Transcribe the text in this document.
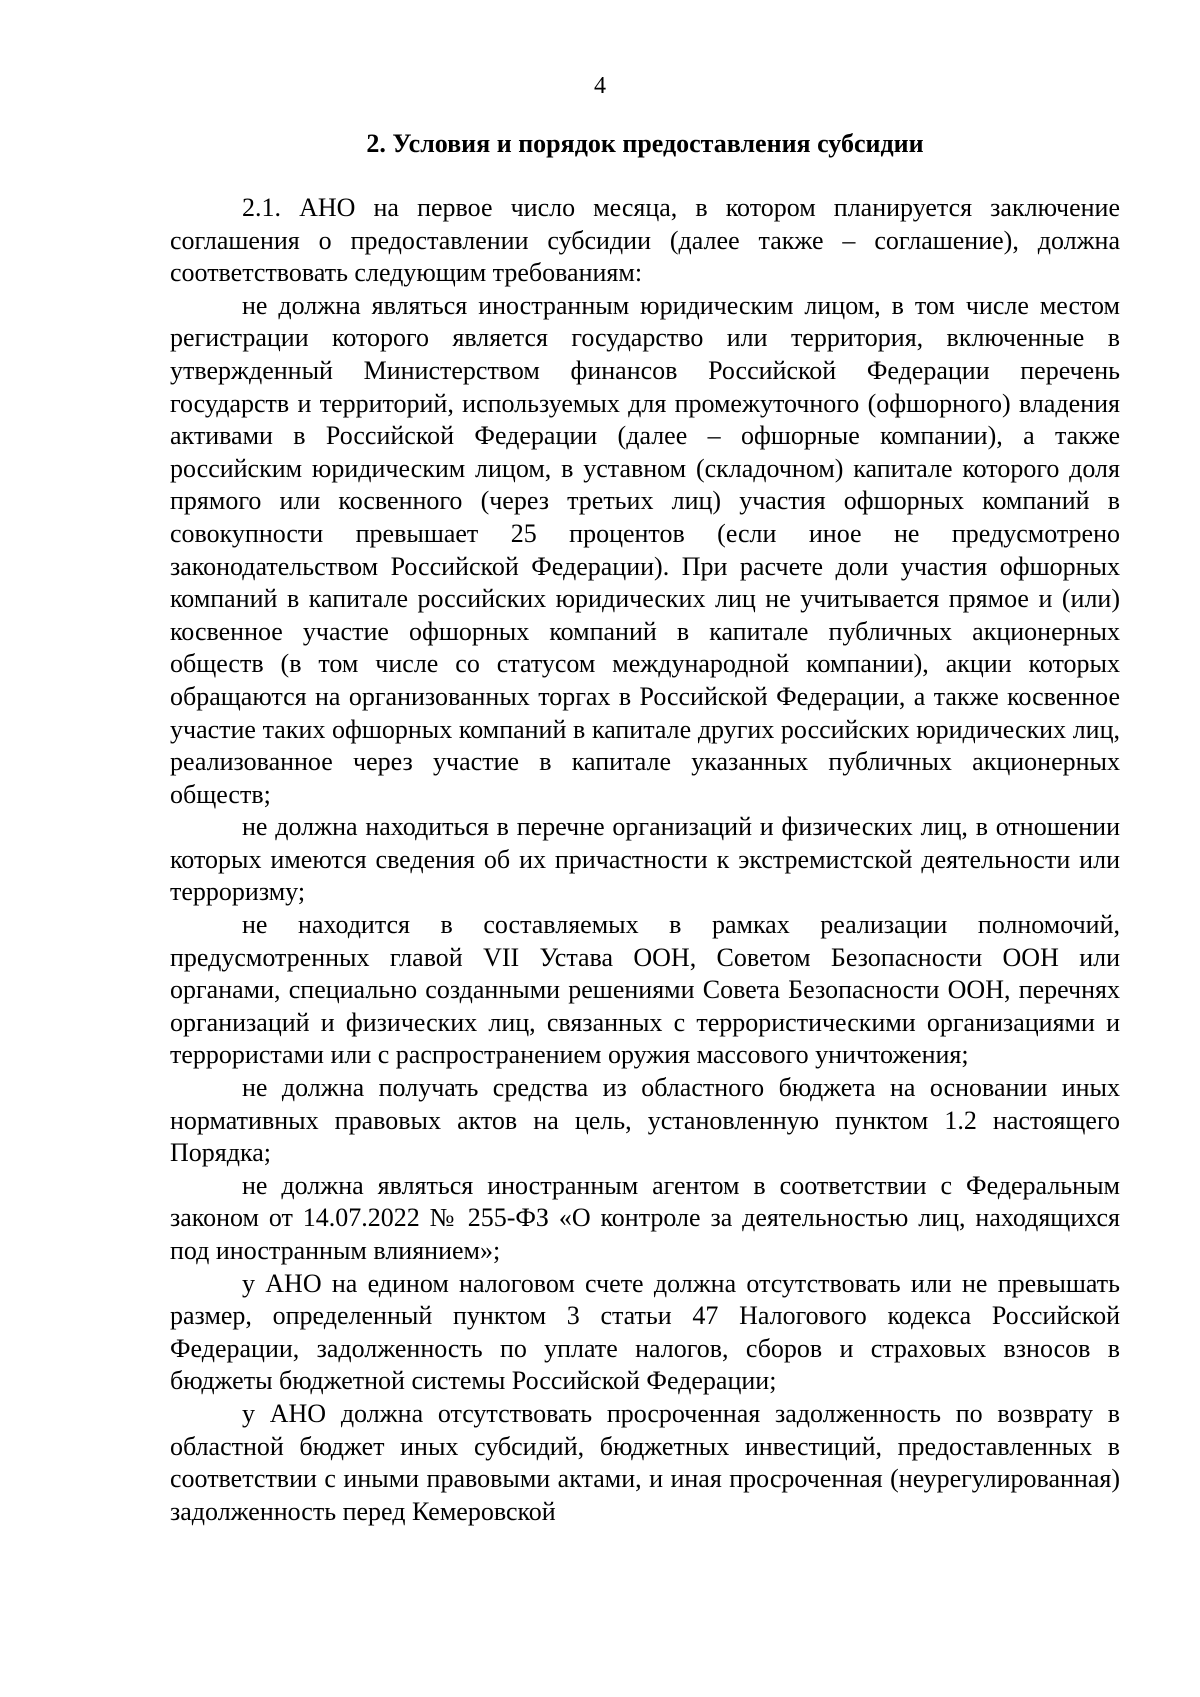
4
2. Условия и порядок предоставления субсидии

2.1. АНО на первое число месяца, в котором планируется заключение соглашения о предоставлении субсидии (далее также – соглашение), должна соответствовать следующим требованиям:

не должна являться иностранным юридическим лицом, в том числе местом регистрации которого является государство или территория, включенные в утвержденный Министерством финансов Российской Федерации перечень государств и территорий, используемых для промежуточного (офшорного) владения активами в Российской Федерации (далее – офшорные компании), а также российским юридическим лицом, в уставном (складочном) капитале которого доля прямого или косвенного (через третьих лиц) участия офшорных компаний в совокупности превышает 25 процентов (если иное не предусмотрено законодательством Российской Федерации). При расчете доли участия офшорных компаний в капитале российских юридических лиц не учитывается прямое и (или) косвенное участие офшорных компаний в капитале публичных акционерных обществ (в том числе со статусом международной компании), акции которых обращаются на организованных торгах в Российской Федерации, а также косвенное участие таких офшорных компаний в капитале других российских юридических лиц, реализованное через участие в капитале указанных публичных акционерных обществ;

не должна находиться в перечне организаций и физических лиц, в отношении которых имеются сведения об их причастности к экстремистской деятельности или терроризму;

не находится в составляемых в рамках реализации полномочий, предусмотренных главой VII Устава ООН, Советом Безопасности ООН или органами, специально созданными решениями Совета Безопасности ООН, перечнях организаций и физических лиц, связанных с террористическими организациями и террористами или с распространением оружия массового уничтожения;

не должна получать средства из областного бюджета на основании иных нормативных правовых актов на цель, установленную пунктом 1.2 настоящего Порядка;

не должна являться иностранным агентом в соответствии с Федеральным законом от 14.07.2022 № 255-ФЗ «О контроле за деятельностью лиц, находящихся под иностранным влиянием»;

у АНО на едином налоговом счете должна отсутствовать или не превышать размер, определенный пунктом 3 статьи 47 Налогового кодекса Российской Федерации, задолженность по уплате налогов, сборов и страховых взносов в бюджеты бюджетной системы Российской Федерации;

у АНО должна отсутствовать просроченная задолженность по возврату в областной бюджет иных субсидий, бюджетных инвестиций, предоставленных в соответствии с иными правовыми актами, и иная просроченная (неурегулированная) задолженность перед Кемеровской
